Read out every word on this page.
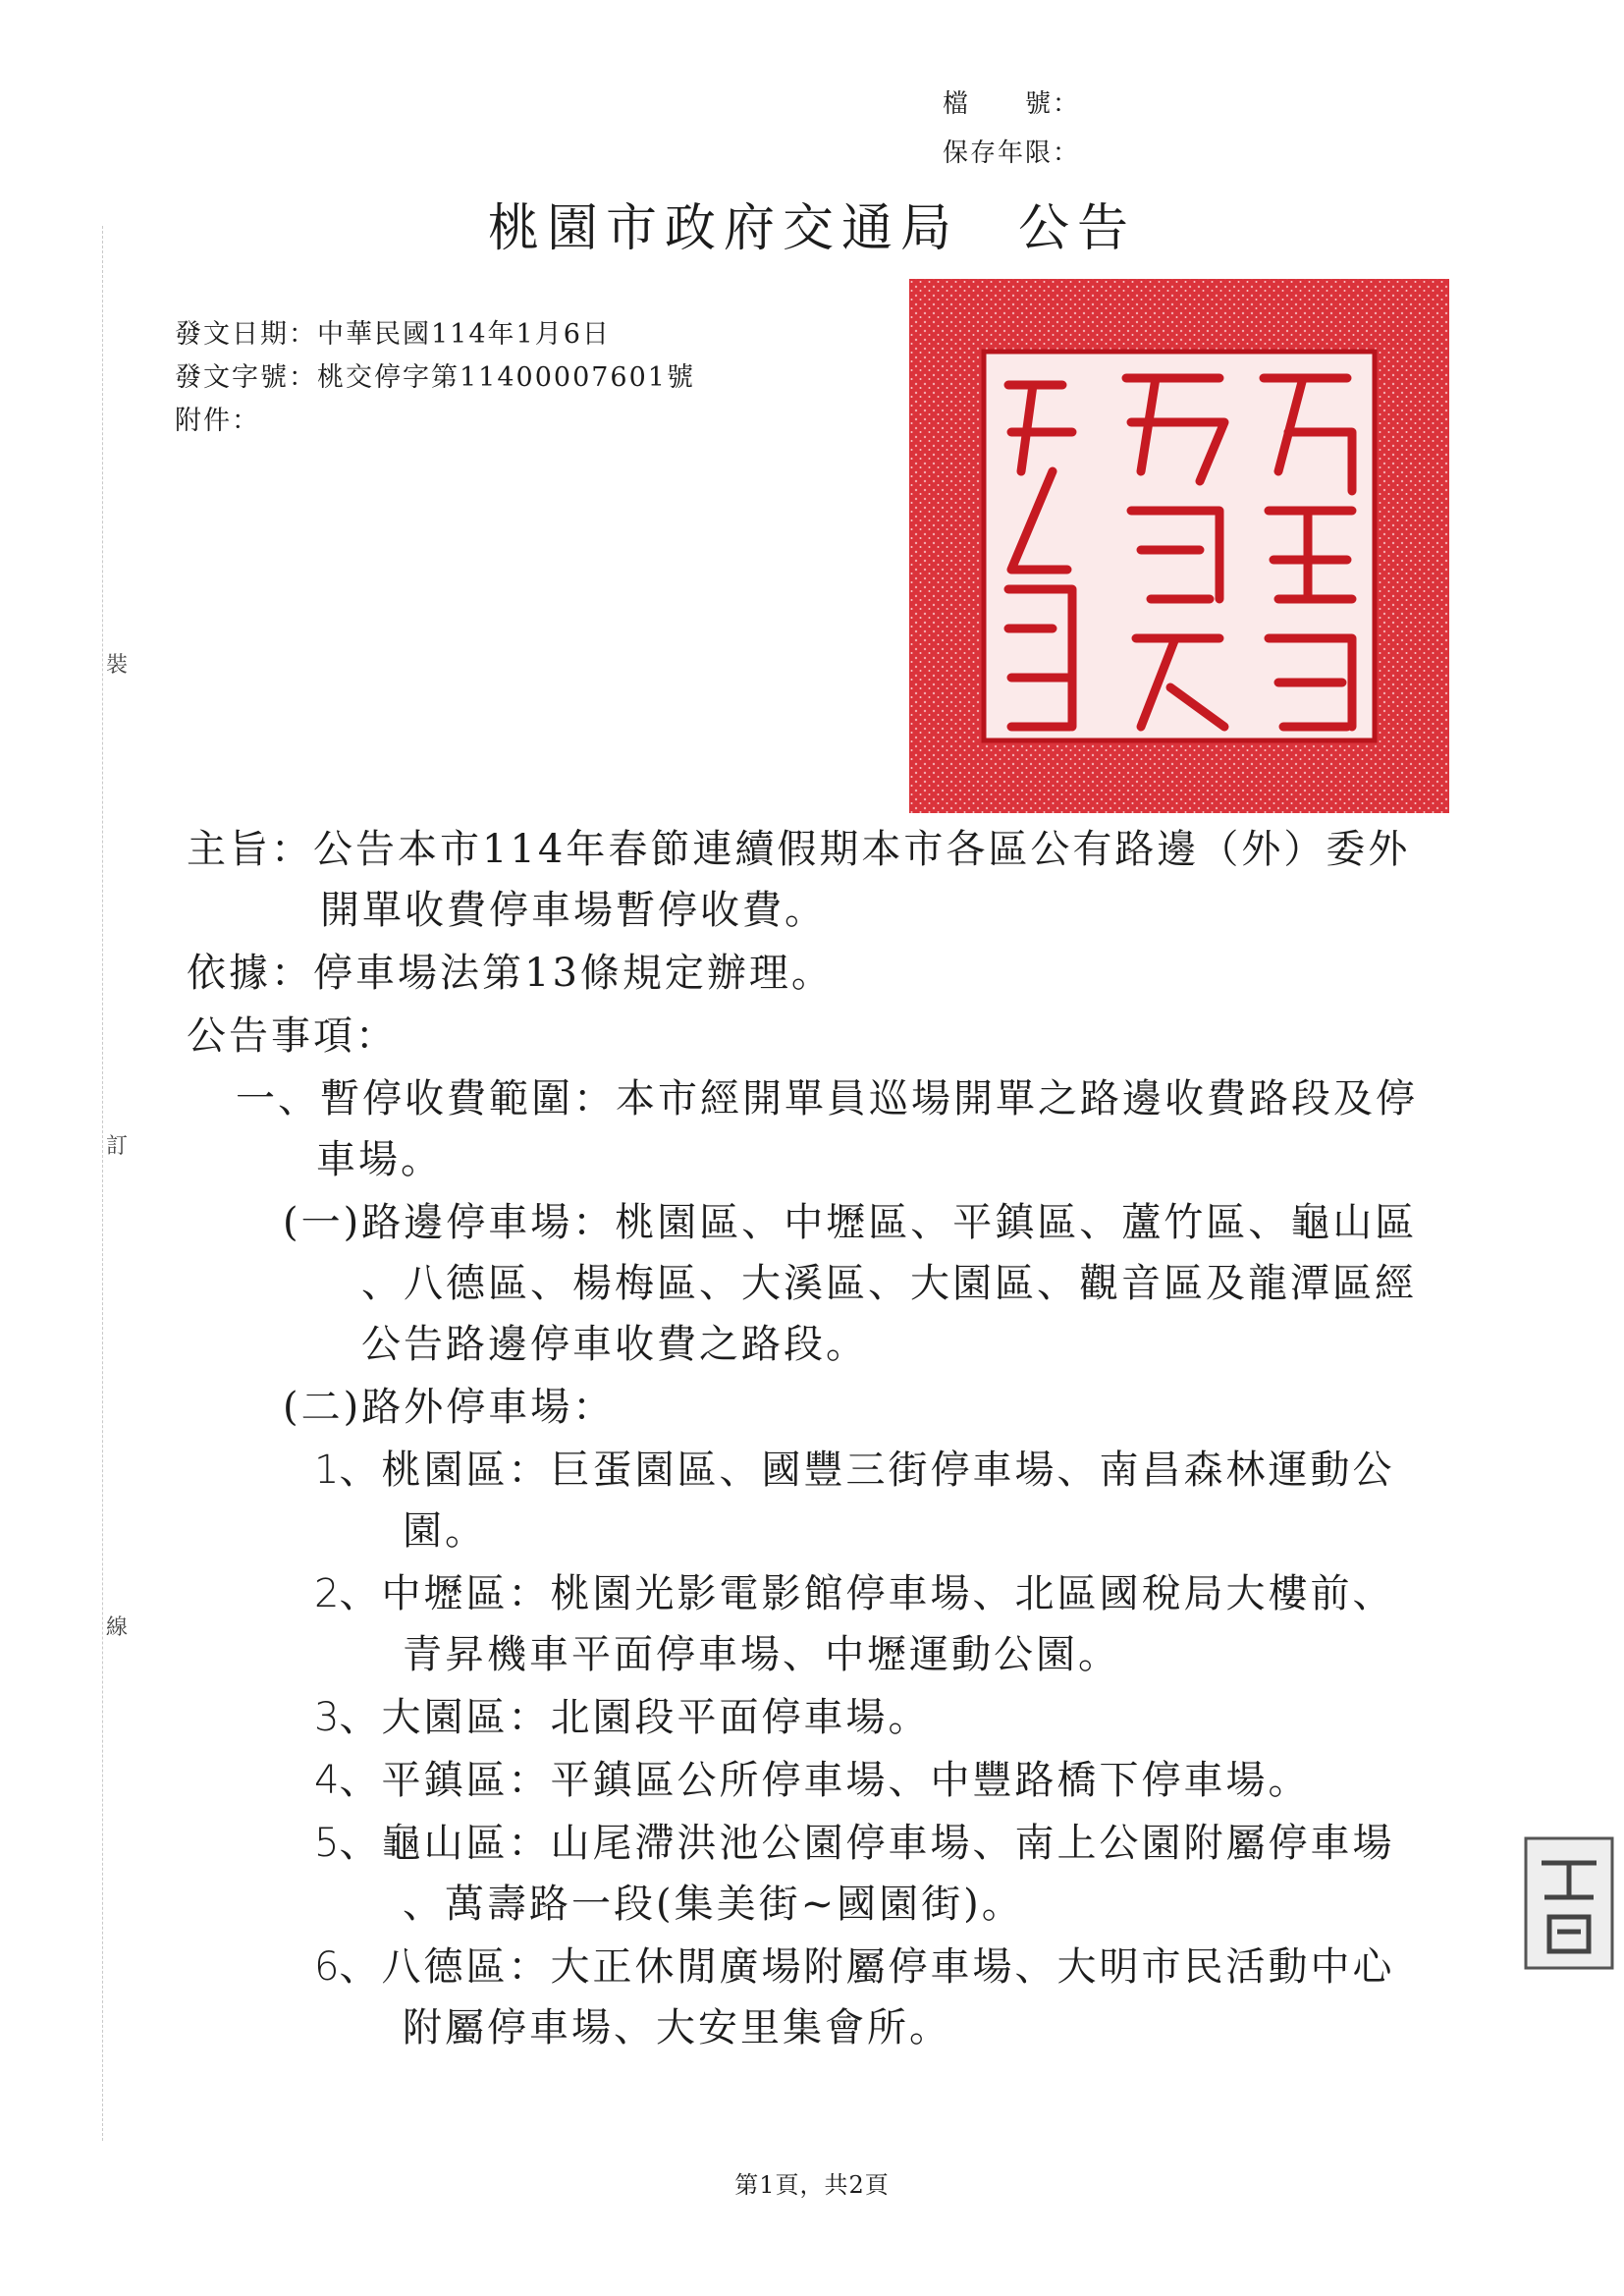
檔　　號：
保存年限：
桃園市政府交通局 公告
發文日期：中華民國114年1月6日
發文字號：桃交停字第11400007601號
附件：
裝
訂
線
主旨：公告本市114年春節連續假期本市各區公有路邊（外）委外
開單收費停車場暫停收費。
依據：停車場法第13條規定辦理。
公告事項：
一、暫停收費範圍：本市經開單員巡場開單之路邊收費路段及停
車場。
(一)路邊停車場：桃園區、中壢區、平鎮區、蘆竹區、龜山區
、八德區、楊梅區、大溪區、大園區、觀音區及龍潭區經
公告路邊停車收費之路段。
(二)路外停車場：
1、桃園區：巨蛋園區、國豐三街停車場、南昌森林運動公
園。
2、中壢區：桃園光影電影館停車場、北區國稅局大樓前、
青昇機車平面停車場、中壢運動公園。
3、大園區：北園段平面停車場。
4、平鎮區：平鎮區公所停車場、中豐路橋下停車場。
5、龜山區：山尾滯洪池公園停車場、南上公園附屬停車場
、萬壽路一段(集美街~國園街)。
6、八德區：大正休閒廣場附屬停車場、大明市民活動中心
附屬停車場、大安里集會所。
第1頁，共2頁
